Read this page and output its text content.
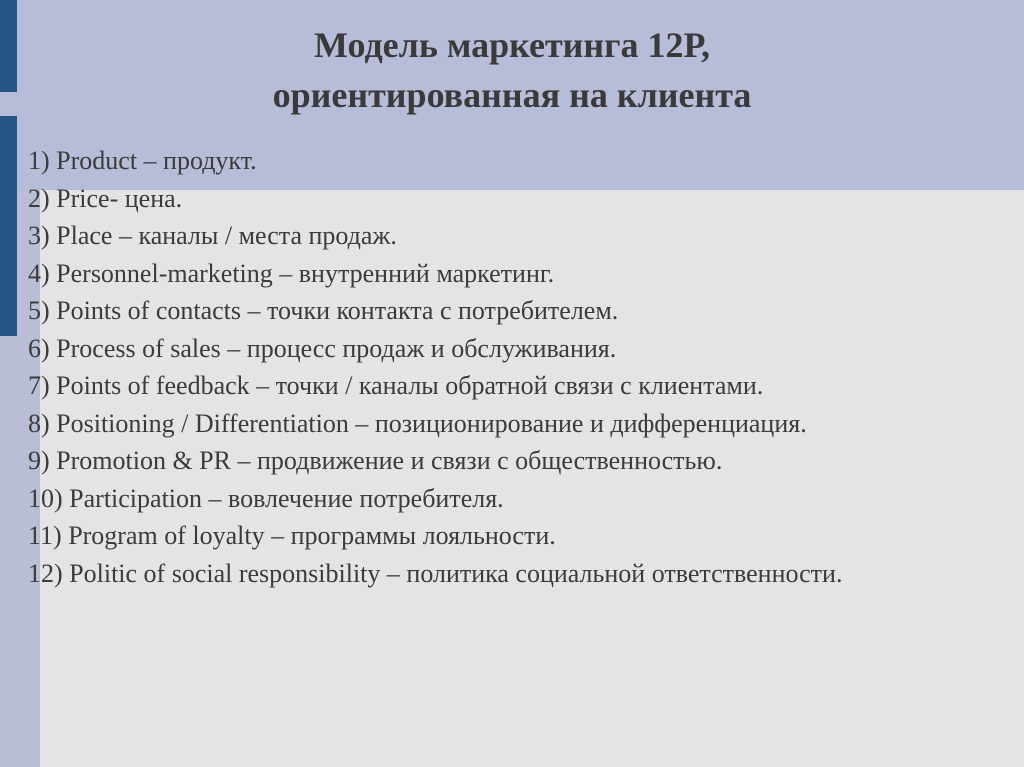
Модель маркетинга 12Р,
ориентированная на клиента
1) Product – продукт.
2) Price- цена.
3) Place – каналы / места продаж.
4) Personnel-marketing – внутренний маркетинг.
5) Points of contacts – точки контакта с потребителем.
6) Process of sales – процесс продаж и обслуживания.
7) Points of feedback – точки / каналы обратной связи с клиентами.
8) Positioning / Differentiation – позиционирование и дифференциация.
9) Promotion & PR – продвижение и связи с общественностью.
10) Participation – вовлечение потребителя.
11) Program of loyalty – программы лояльности.
12) Politic of social responsibility – политика социальной ответственности.
